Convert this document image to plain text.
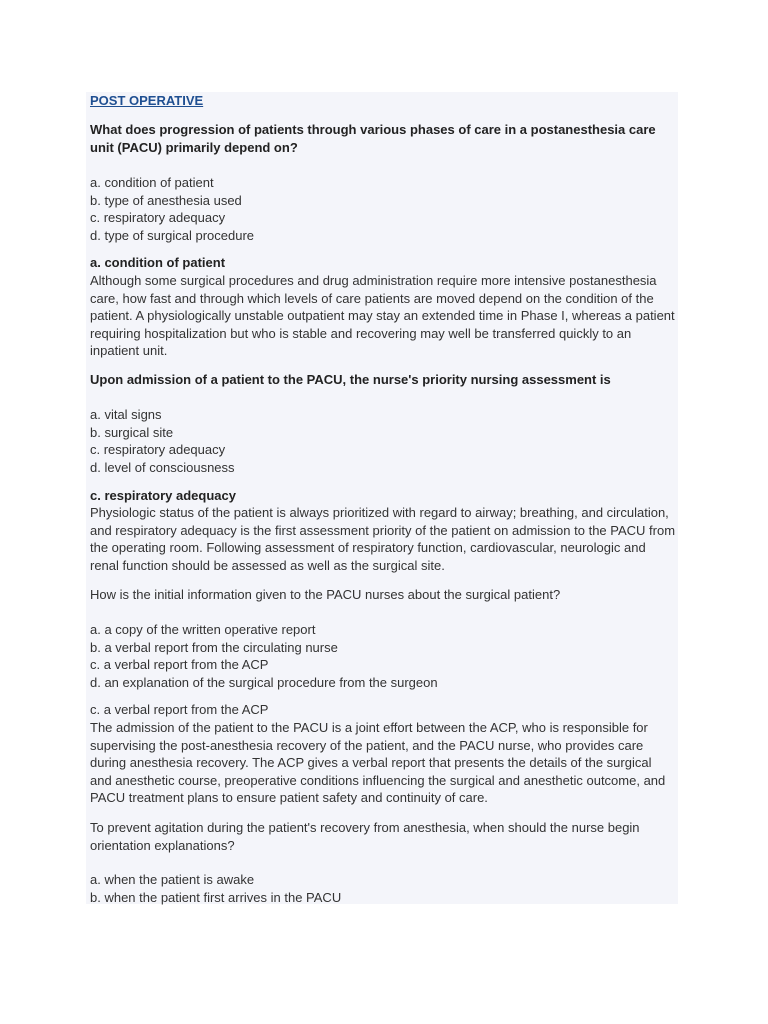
POST OPERATIVE
What does progression of patients through various phases of care in a postanesthesia care unit (PACU) primarily depend on?
a. condition of patient
b. type of anesthesia used
c. respiratory adequacy
d. type of surgical procedure
a. condition of patient
Although some surgical procedures and drug administration require more intensive postanesthesia care, how fast and through which levels of care patients are moved depend on the condition of the patient. A physiologically unstable outpatient may stay an extended time in Phase I, whereas a patient requiring hospitalization but who is stable and recovering may well be transferred quickly to an inpatient unit.
Upon admission of a patient to the PACU, the nurse's priority nursing assessment is
a. vital signs
b. surgical site
c. respiratory adequacy
d. level of consciousness
c. respiratory adequacy
Physiologic status of the patient is always prioritized with regard to airway; breathing, and circulation, and respiratory adequacy is the first assessment priority of the patient on admission to the PACU from the operating room. Following assessment of respiratory function, cardiovascular, neurologic and renal function should be assessed as well as the surgical site.
How is the initial information given to the PACU nurses about the surgical patient?
a. a copy of the written operative report
b. a verbal report from the circulating nurse
c. a verbal report from the ACP
d. an explanation of the surgical procedure from the surgeon
c. a verbal report from the ACP
The admission of the patient to the PACU is a joint effort between the ACP, who is responsible for supervising the post-anesthesia recovery of the patient, and the PACU nurse, who provides care during anesthesia recovery. The ACP gives a verbal report that presents the details of the surgical and anesthetic course, preoperative conditions influencing the surgical and anesthetic outcome, and PACU treatment plans to ensure patient safety and continuity of care.
To prevent agitation during the patient's recovery from anesthesia, when should the nurse begin orientation explanations?
a. when the patient is awake
b. when the patient first arrives in the PACU
